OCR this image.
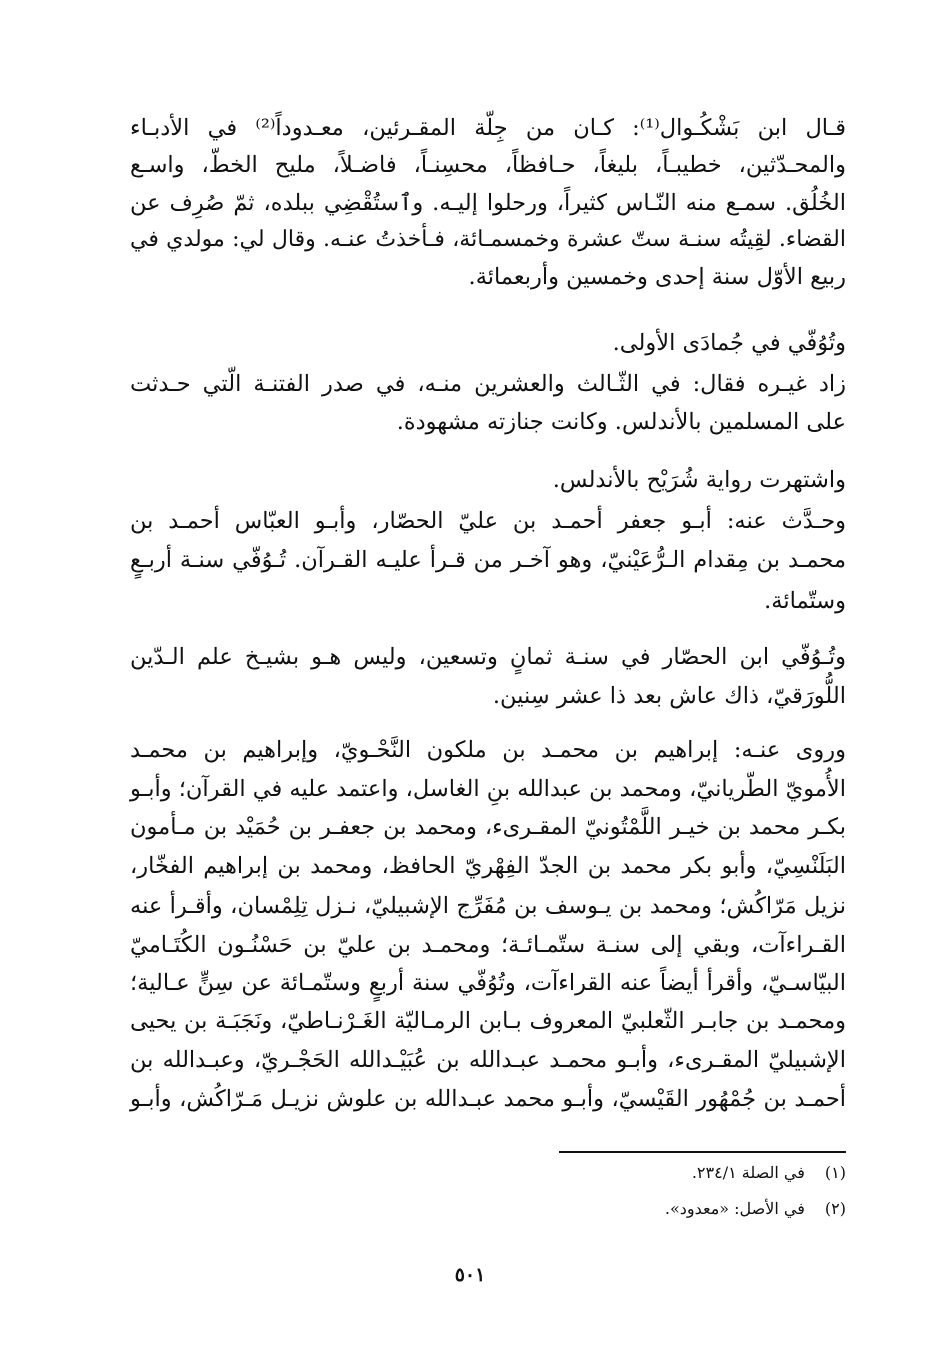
قـال ابن بَشْكُـوال⁽¹⁾: كـان من جِلّة المقـرئين، معـدوداً⁽²⁾ في الأدبـاء
والمحـدّثين، خطيبـاً، بليغاً، حـافظاً، محسِنـاً، فاضـلاً، مليح الخطّ، واسـع
الخُلُق. سمـع منه النّـاس كثيراً، ورحلوا إليـه. وٱستُقْضِي ببلده، ثمّ صُرِف عن
القضاء. لقِيتُه سنـة ستّ عشرة وخمسمـائة، فـأخذتُ عنـه. وقال لي: مولدي في
ربيع الأوّل سنة إحدى وخمسين وأربعمائة.
وتُوُفّي في جُمادَى الأولى.
زاد غيـره فقال: في الثّـالث والعشرين منـه، في صدر الفتنـة الّتي حـدثت
على المسلمين بالأندلس. وكانت جنازته مشهودة.
واشتهرت رواية شُرَيْح بالأندلس.
وحـدَّث عنه: أبـو جعفر أحمـد بن عليّ الحصّار، وأبـو العبّاس أحمـد بن
محمـد بن مِقدام الـرُّعَيْنيّ، وهو آخـر من قـرأ عليـه القـرآن. تُـوُفّي سنـة أربـعٍ
وستّمائة.
وتُـوُفّي ابن الحصّار في سنـة ثمانٍ وتسعين، وليس هـو بشيـخ علم الـدّين
اللُّورَقيّ، ذاك عاش بعد ذا عشر سِنين.
وروى عنـه: إبراهيم بن محمـد بن ملكون النَّحْـويّ، وإبراهيم بن محمـد
الأُمويّ الطّريانيّ، ومحمد بن عبدالله بنِ الغاسل، واعتمد عليه في القرآن؛ وأبـو
بكـر محمد بن خيـر اللَّمْتُونيّ المقـرىء، ومحمد بن جعفـر بن حُمَيْد بن مـأمون
البَلَنْسِيّ، وأبو بكر محمد بن الجدّ الفِهْريّ الحافظ، ومحمد بن إبراهيم الفخّار،
نزيل مَرّاكُش؛ ومحمد بن يـوسف بن مُفَرِّج الإشبيليّ، نـزل تِلِمْسان، وأقـرأ عنه
القـراءآت، وبقي إلى سنـة ستّمـائـة؛ ومحمـد بن عليّ بن حَسْنُـون الكُتَـاميّ
البيّاسـيّ، وأقرأ أيضاً عنه القراءآت، وتُوُفّي سنة أربعٍ وستّمـائة عن سِنٍّ عـالية؛
ومحمـد بن جابـر الثّعلبيّ المعروف بـابن الرمـاليّة الغَـرْنـاطيّ، ونَجَبَـة بن يحيى
الإشبيليّ المقـرىء، وأبـو محمـد عبـدالله بن عُبَيْـدالله الحَجْـريّ، وعبـدالله بن
أحمـد بن جُمْهُور القَيْسيّ، وأبـو محمد عبـدالله بن علوش نزيـل مَـرّاكُش، وأبـو
(١) في الصلة ٢٣٤/١.
(٢) في الأصل: «معدود».
٥٠١
